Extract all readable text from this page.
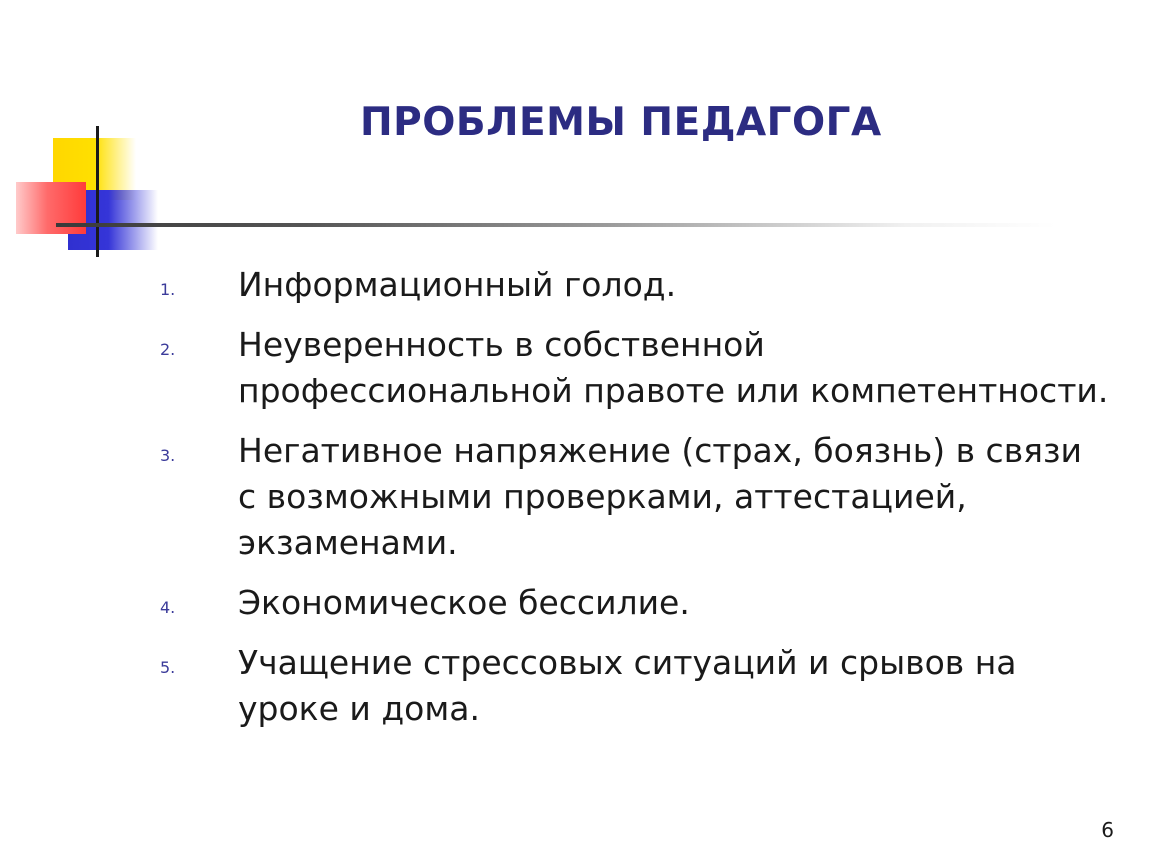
ПРОБЛЕМЫ ПЕДАГОГА
1. Информационный голод.
2. Неуверенность в собственной профессиональной правоте или компетентности.
3. Негативное напряжение (страх, боязнь) в связи с возможными проверками, аттестацией, экзаменами.
4. Экономическое бессилие.
5. Учащение стрессовых ситуаций и срывов на уроке и дома.
6
